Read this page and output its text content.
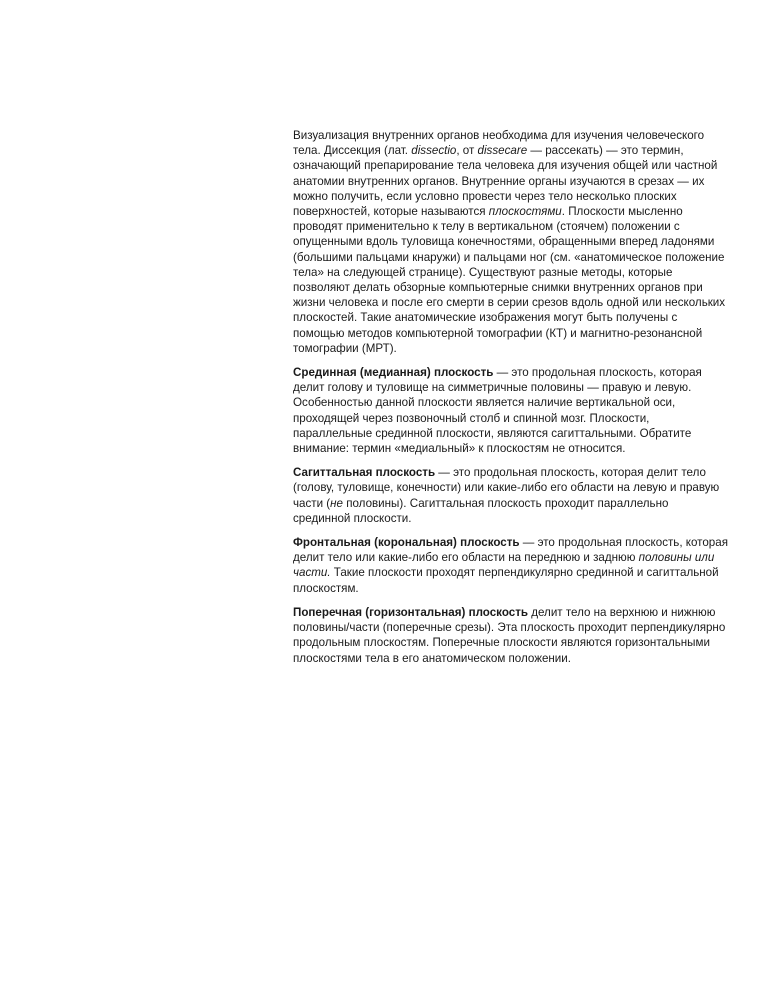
Визуализация внутренних органов необходима для изучения человеческого тела. Диссекция (лат. dissectio, от dissecare — рассекать) — это термин, означающий препарирование тела человека для изучения общей или частной анатомии внутренних органов. Внутренние органы изучаются в срезах — их можно получить, если условно провести через тело несколько плоских поверхностей, которые называются плоскостями. Плоскости мысленно проводят применительно к телу в вертикальном (стоячем) положении с опущенными вдоль туловища конечностями, обращенными вперед ладонями (большими пальцами кнаружи) и пальцами ног (см. «анатомическое положение тела» на следующей странице). Существуют разные методы, которые позволяют делать обзорные компьютерные снимки внутренних органов при жизни человека и после его смерти в серии срезов вдоль одной или нескольких плоскостей. Такие анатомические изображения могут быть получены с помощью методов компьютерной томографии (КТ) и магнитно-резонансной томографии (МРТ).

Срединная (медианная) плоскость — это продольная плоскость, которая делит голову и туловище на симметричные половины — правую и левую. Особенностью данной плоскости является наличие вертикальной оси, проходящей через позвоночный столб и спинной мозг. Плоскости, параллельные срединной плоскости, являются сагиттальными. Обратите внимание: термин «медиальный» к плоскостям не относится.

Сагиттальная плоскость — это продольная плоскость, которая делит тело (голову, туловище, конечности) или какие-либо его области на левую и правую части (не половины). Сагиттальная плоскость проходит параллельно срединной плоскости.

Фронтальная (корональная) плоскость — это продольная плоскость, которая делит тело или какие-либо его области на переднюю и заднюю половины или части. Такие плоскости проходят перпендикулярно срединной и сагиттальной плоскостям.

Поперечная (горизонтальная) плоскость делит тело на верхнюю и нижнюю половины/части (поперечные срезы). Эта плоскость проходит перпендикулярно продольным плоскостям. Поперечные плоскости являются горизонтальными плоскостями тела в его анатомическом положении.
